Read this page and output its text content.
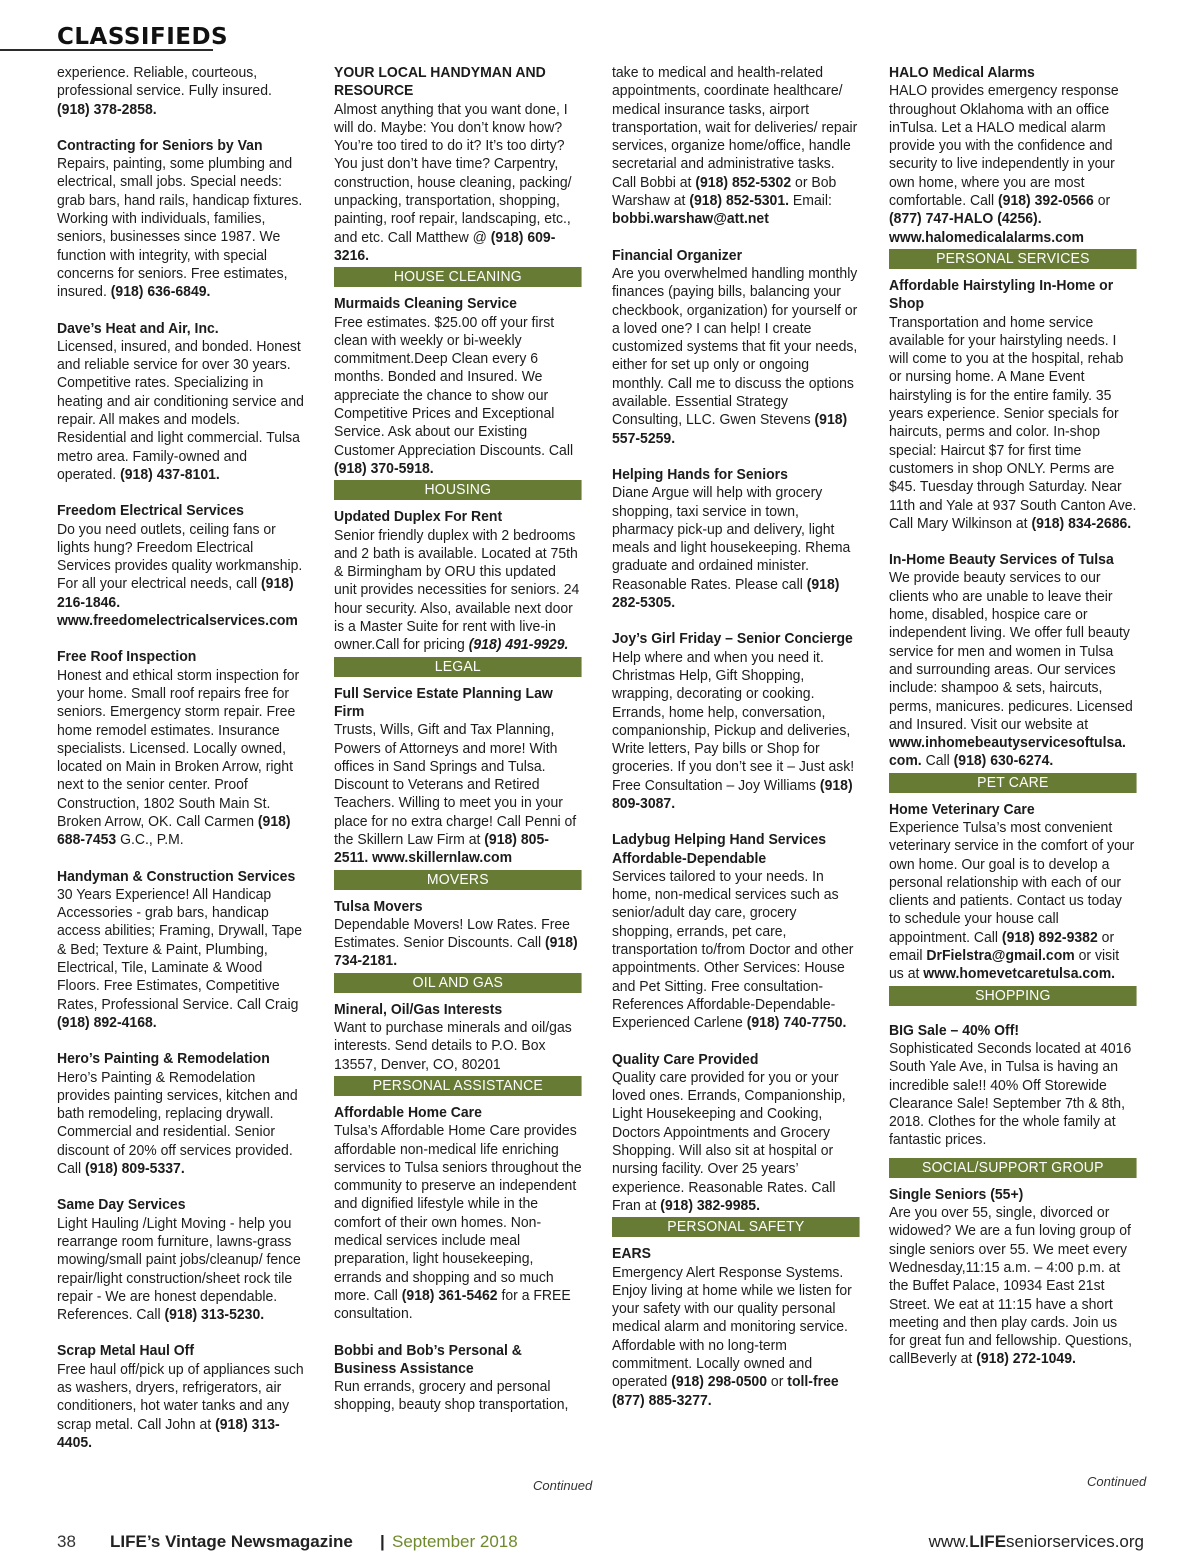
CLASSIFIEDS
experience. Reliable, courteous, professional service. Fully insured. (918) 378-2858.
Contracting for Seniors by Van
Repairs, painting, some plumbing and electrical, small jobs. Special needs: grab bars, hand rails, handicap fixtures. Working with individuals, families, seniors, businesses since 1987. We function with integrity, with special concerns for seniors. Free estimates, insured. (918) 636-6849.
Dave’s Heat and Air, Inc.
Licensed, insured, and bonded. Honest and reliable service for over 30 years. Competitive rates. Specializing in heating and air conditioning service and repair. All makes and models. Residential and light commercial. Tulsa metro area. Family-owned and operated. (918) 437-8101.
Freedom Electrical Services
Do you need outlets, ceiling fans or lights hung? Freedom Electrical Services provides quality workmanship. For all your electrical needs, call (918) 216-1846. www.freedomelectricalservices.com
Free Roof Inspection
Honest and ethical storm inspection for your home. Small roof repairs free for seniors. Emergency storm repair. Free home remodel estimates. Insurance specialists. Licensed. Locally owned, located on Main in Broken Arrow, right next to the senior center. Proof Construction, 1802 South Main St. Broken Arrow, OK. Call Carmen (918) 688-7453 G.C., P.M.
Handyman & Construction Services
30 Years Experience! All Handicap Accessories - grab bars, handicap access abilities; Framing, Drywall, Tape & Bed; Texture & Paint, Plumbing, Electrical, Tile, Laminate & Wood Floors. Free Estimates, Competitive Rates, Professional Service. Call Craig (918) 892-4168.
Hero’s Painting & Remodelation
Hero’s Painting & Remodelation provides painting services, kitchen and bath remodeling, replacing drywall. Commercial and residential. Senior discount of 20% off services provided. Call (918) 809-5337.
Same Day Services
Light Hauling /Light Moving - help you rearrange room furniture, lawns-grass mowing/small paint jobs/cleanup/ fence repair/light construction/sheet rock tile repair - We are honest dependable. References. Call (918) 313-5230.
Scrap Metal Haul Off
Free haul off/pick up of appliances such as washers, dryers, refrigerators, air conditioners, hot water tanks and any scrap metal. Call John at (918) 313-4405.
YOUR LOCAL HANDYMAN AND RESOURCE
Almost anything that you want done, I will do. Maybe: You don’t know how? You’re too tired to do it? It’s too dirty? You just don’t have time? Carpentry, construction, house cleaning, packing/ unpacking, transportation, shopping, painting, roof repair, landscaping, etc., and etc. Call Matthew @ (918) 609-3216.
HOUSE CLEANING
Murmaids Cleaning Service
Free estimates. $25.00 off your first clean with weekly or bi-weekly commitment.Deep Clean every 6 months. Bonded and Insured. We appreciate the chance to show our Competitive Prices and Exceptional Service. Ask about our Existing Customer Appreciation Discounts. Call (918) 370-5918.
HOUSING
Updated Duplex For Rent
Senior friendly duplex with 2 bedrooms and 2 bath is available. Located at 75th & Birmingham by ORU this updated unit provides necessities for seniors. 24 hour security. Also, available next door is a Master Suite for rent with live-in owner.Call for pricing (918) 491-9929.
LEGAL
Full Service Estate Planning Law Firm
Trusts, Wills, Gift and Tax Planning, Powers of Attorneys and more! With offices in Sand Springs and Tulsa. Discount to Veterans and Retired Teachers. Willing to meet you in your place for no extra charge! Call Penni of the Skillern Law Firm at (918) 805-2511. www.skillernlaw.com
MOVERS
Tulsa Movers
Dependable Movers! Low Rates. Free Estimates. Senior Discounts. Call (918) 734-2181.
OIL AND GAS
Mineral, Oil/Gas Interests
Want to purchase minerals and oil/gas interests. Send details to P.O. Box 13557, Denver, CO, 80201
PERSONAL ASSISTANCE
Affordable Home Care
Tulsa’s Affordable Home Care provides affordable non-medical life enriching services to Tulsa seniors throughout the community to preserve an independent and dignified lifestyle while in the comfort of their own homes. Non-medical services include meal preparation, light housekeeping, errands and shopping and so much more. Call (918) 361-5462 for a FREE consultation.
Bobbi and Bob’s Personal & Business Assistance
Run errands, grocery and personal shopping, beauty shop transportation,
Continued
take to medical and health-related appointments, coordinate healthcare/ medical insurance tasks, airport transportation, wait for deliveries/ repair services, organize home/office, handle secretarial and administrative tasks. Call Bobbi at (918) 852-5302 or Bob Warshaw at (918) 852-5301. Email: bobbi.warshaw@att.net
Financial Organizer
Are you overwhelmed handling monthly finances (paying bills, balancing your checkbook, organization) for yourself or a loved one? I can help! I create customized systems that fit your needs, either for set up only or ongoing monthly. Call me to discuss the options available. Essential Strategy Consulting, LLC. Gwen Stevens (918) 557-5259.
Helping Hands for Seniors
Diane Argue will help with grocery shopping, taxi service in town, pharmacy pick-up and delivery, light meals and light housekeeping. Rhema graduate and ordained minister. Reasonable Rates. Please call (918) 282-5305.
Joy’s Girl Friday – Senior Concierge
Help where and when you need it. Christmas Help, Gift Shopping, wrapping, decorating or cooking. Errands, home help, conversation, companionship, Pickup and deliveries, Write letters, Pay bills or Shop for groceries. If you don’t see it – Just ask! Free Consultation – Joy Williams (918) 809-3087.
Ladybug Helping Hand Services Affordable-Dependable
Services tailored to your needs. In home, non-medical services such as senior/adult day care, grocery shopping, errands, pet care, transportation to/from Doctor and other appointments. Other Services: House and Pet Sitting. Free consultation-References Affordable-Dependable-Experienced Carlene (918) 740-7750.
Quality Care Provided
Quality care provided for you or your loved ones. Errands, Companionship, Light Housekeeping and Cooking, Doctors Appointments and Grocery Shopping. Will also sit at hospital or nursing facility. Over 25 years’ experience. Reasonable Rates. Call Fran at (918) 382-9985.
PERSONAL SAFETY
EARS
Emergency Alert Response Systems. Enjoy living at home while we listen for your safety with our quality personal medical alarm and monitoring service. Affordable with no long-term commitment. Locally owned and operated (918) 298-0500 or toll-free (877) 885-3277.
HALO Medical Alarms
HALO provides emergency response throughout Oklahoma with an office inTulsa. Let a HALO medical alarm provide you with the confidence and security to live independently in your own home, where you are most comfortable. Call (918) 392-0566 or (877) 747-HALO (4256). www.halomedicalalarms.com
PERSONAL SERVICES
Affordable Hairstyling In-Home or Shop
Transportation and home service available for your hairstyling needs. I will come to you at the hospital, rehab or nursing home. A Mane Event hairstyling is for the entire family. 35 years experience. Senior specials for haircuts, perms and color. In-shop special: Haircut $7 for first time customers in shop ONLY. Perms are $45. Tuesday through Saturday. Near 11th and Yale at 937 South Canton Ave. Call Mary Wilkinson at (918) 834-2686.
In-Home Beauty Services of Tulsa
We provide beauty services to our clients who are unable to leave their home, disabled, hospice care or independent living. We offer full beauty service for men and women in Tulsa and surrounding areas. Our services include: shampoo & sets, haircuts, perms, manicures. pedicures. Licensed and Insured. Visit our website at www.inhomebeautyservicesoftulsa. com. Call (918) 630-6274.
PET CARE
Home Veterinary Care
Experience Tulsa’s most convenient veterinary service in the comfort of your own home. Our goal is to develop a personal relationship with each of our clients and patients. Contact us today to schedule your house call appointment. Call (918) 892-9382 or email DrFielstra@gmail.com or visit us at www.homevetcaretulsa.com.
SHOPPING
BIG Sale – 40% Off!
Sophisticated Seconds located at 4016 South Yale Ave, in Tulsa is having an incredible sale!! 40% Off Storewide Clearance Sale! September 7th & 8th, 2018. Clothes for the whole family at fantastic prices.
SOCIAL/SUPPORT GROUP
Single Seniors (55+)
Are you over 55, single, divorced or widowed? We are a fun loving group of single seniors over 55. We meet every Wednesday,11:15 a.m. – 4:00 p.m. at the Buffet Palace, 10934 East 21st Street. We eat at 11:15 have a short meeting and then play cards. Join us for great fun and fellowship. Questions, callBeverly at (918) 272-1049.
Continued
38 LIFE’s Vintage Newsmagazine | September 2018	www.LIFEseniorservices.org
